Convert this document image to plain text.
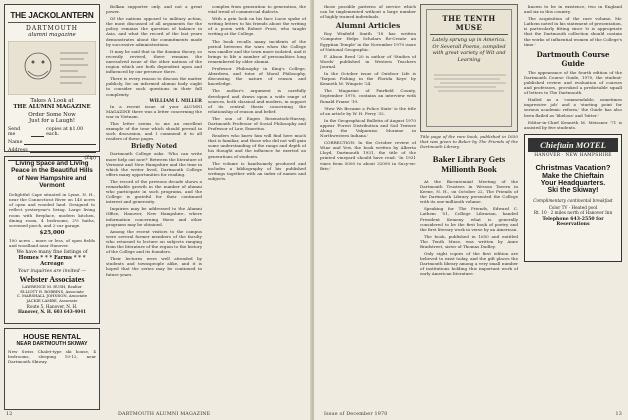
THE JACKOLANTERN
DARTMOUTH
alumni magazine
Takes A Look at
THE ALUMNI MAGAZINE
Order Some Now
Just for a Laugh!
Send me
copies at $1.00 each.
Name
Address
(Zip)
Living Space and Living Peace in the Beautiful Hills of New Hampshire and Vermont
Delightful Cape situated in Lyme, N. H., near the Connecticut River on 140 acres of open and wooded land. Designed to reflect yesteryear's living. Large living room with fireplace, modern kitchen, dining room, 4 bedrooms, 2½ baths, screened porch, and 2-car garage.
$25,000
100 acres – more or less, of open fields and woodland near Hanover.
We have many fine listings of
Homes * * * Farms * * * Acreage
Your inquiries are invited —
Webster Associates
LAWRENCE M. RUSH, Realtor
ELLIOTT R. ROBBINS, Associate
C. MARSHALL JOHNSON, Associate
JACKIE LAMBE, Associate
Route 5, Hanover, N. H.
Hanover, N. H. 603 643-4041
HOUSE RENTAL
NEAR DARTMOUTH SKIWAY
New Swiss Chalet-type ski house, 4 bedrooms, sleeping 10-12, near Dartmouth Skiway.

Bolkan supporter only, and not a great power.

Of the nations opposed to military action, the most discussed of all arguments for the policy remains the question of balance in Asia, and what the record of the last years demonstrates about the commitments made by successive administrations.

It may be said that in the domino theory, so recently revived, there remains the unresolved issue of the other nations of the region which are both dependent upon and influenced by our presence there.

There is every reason to discuss the matter publicly, for an informed alumni body ought to consider such questions in their full complexity.

WILLIAM I. MILLER

In a recent issue of your ALUMNI MAGAZINE there was a letter concerning the war in Vietnam.

This letter seems to me an excellent example of the tone which should prevail in such discussion, and I commend it to all readers of these pages.

Briefly Noted

Dartmouth College asks: 'Who can write more help out now?' Between the literature of Vermont and New Hampshire and the time in which the writer lived, Dartmouth College offers many opportunities for reading.

The record of the previous decade shows a remarkable growth in the number of alumni who participate in such programs, and the College is grateful for their continued interest and generosity.

Inquiries may be addressed to the Alumni Office, Hanover, New Hampshire, where information concerning these and other programs may be obtained.

Among the recent visitors to the campus were several former members of the faculty who returned to lecture on subjects ranging from the literature of the region to the history of the College and its founders.

Their lectures were well attended by students and townspeople alike, and it is hoped that the series may be continued in future years.

complex from generation to generation, the vital trend of commercial dialects.

With a grin look on his face Lucie spoke of writing letters to his friends about the writing of a poem with Robert Frost, who taught writing at the College.

The book recalls many incidents of the period between the wars when the College was smaller and the town more isolated, and it brings to life a number of personalities long remembered by older alumni.

Professor Philosophy in King's College, Aberdeen, and tutor of Moral Philosophy, discussing the nature of reason and knowledge.

The author's argument is carefully developed and draws upon a wide range of sources, both classical and modern, in support of its central thesis concerning the relationship of reason and belief.

The son of Eugen Rosenstock-Huessy, Dartmouth Professor of Social Philosophy and Professor of Law, Emeritus.

Readers who knew him will find here much that is familiar, and those who did not will gain some understanding of the range and depth of his thought and the influence he exerted on generations of students.

The volume is handsomely produced and includes a bibliography of his published writings together with an index of names and subjects.

12	DARTMOUTH ALUMNI MAGAZINE

those possible patterns of service which can be implemented without a large number of highly trained individuals.

Alumni Articles

Roy Winfield Smith '18 has written 'Computer Helps Scholars Re-Create an Egyptian Temple' in the November 1970 issue of National Geographic.

F. Alison Reed '20 is author of 'Studies of Words' published in Western Teachers Journal.

In the October issue of Outdoor Life is 'Tarpon Fishing in the Florida Keys' by Kenneth M. Wingate '24.

The Magazine of Fairfield County, September 1970, contains an interview with Ronald Frame '19.

'How We Became a Police State' is the title of an article by W. H. Ferry '32.

In the Geographical Bulletin of August 1970 appear 'Forest Distribution and Soil Texture Along the Valparaiso Moraine in Northwestern Indiana.'

CORRECTION: In the October review of Wine and Yew, the book written by Alberta Lloyd, Dartmouth 1931, the title of the printed vineyard should have read: 'In 1931 vines from 5000 to about 32000 in Sucy-en-Brie.'

THE TENTH MUSE
Lately sprung up in America. Or Severall Poems, compiled with great variety of Wit and Learning
Title page of the rare book, published in 1650 that was given to Baker by The Friends of the Dartmouth Library.
Baker Library Gets Millionth Book

At the Bicentennial Meeting of the Dartmouth Trustees in Wesson Tavern in Keene, N. H., on October 22, The Friends of the Dartmouth Library presented the College with its one-millionth volume.

Speaking for The Friends, Edward C. Lathem '51, College Librarian, handed President Kemeny what is generally considered to be the first book of poetry and the first literary work in verse by an American.

The book, published in 1650 and entitled The Tenth Muse, was written by Anne Bradstreet, sister of Thomas Dudley.

Only eight copies of the first edition are believed to exist today, and the gift places the Dartmouth library among a very small number of institutions holding this important work of early American literature.

known to be in existence, two in England and six in this country.

The acquisition of the rare volume, Mr. Lathem noted in his statement of presentation, is particularly fitting since 'it is appropriate that the Dartmouth collection should contain the works of influential women of the College's time.'

Dartmouth Course Guide

The appearance of the fourth edition of the Dartmouth Course Guide, 1970, the student-published review and evaluation of courses and professors, provoked a predictable squall of letters to The Dartmouth.

Hailed as a 'commendable, sometimes impressive job' and a 'starting point for serious academic reform,' the Guide has also been flailed as 'libelous' and 'bitter.'

Editor-in-Chief Kenneth M. Meissner '71 is assisted by five students.

Chieftain MOTEL
HANOVER · NEW HAMPSHIRE
Christmas Vacation?
Make the Chieftain
Your Headquarters.
Ski the Skiway!
Complimentary continental breakfast
Color TV · Heated pool
Rt. 10 · 2 miles north of Hanover Inn
Telephone 643-2550 for Reservations
Issue of December 1970	13
